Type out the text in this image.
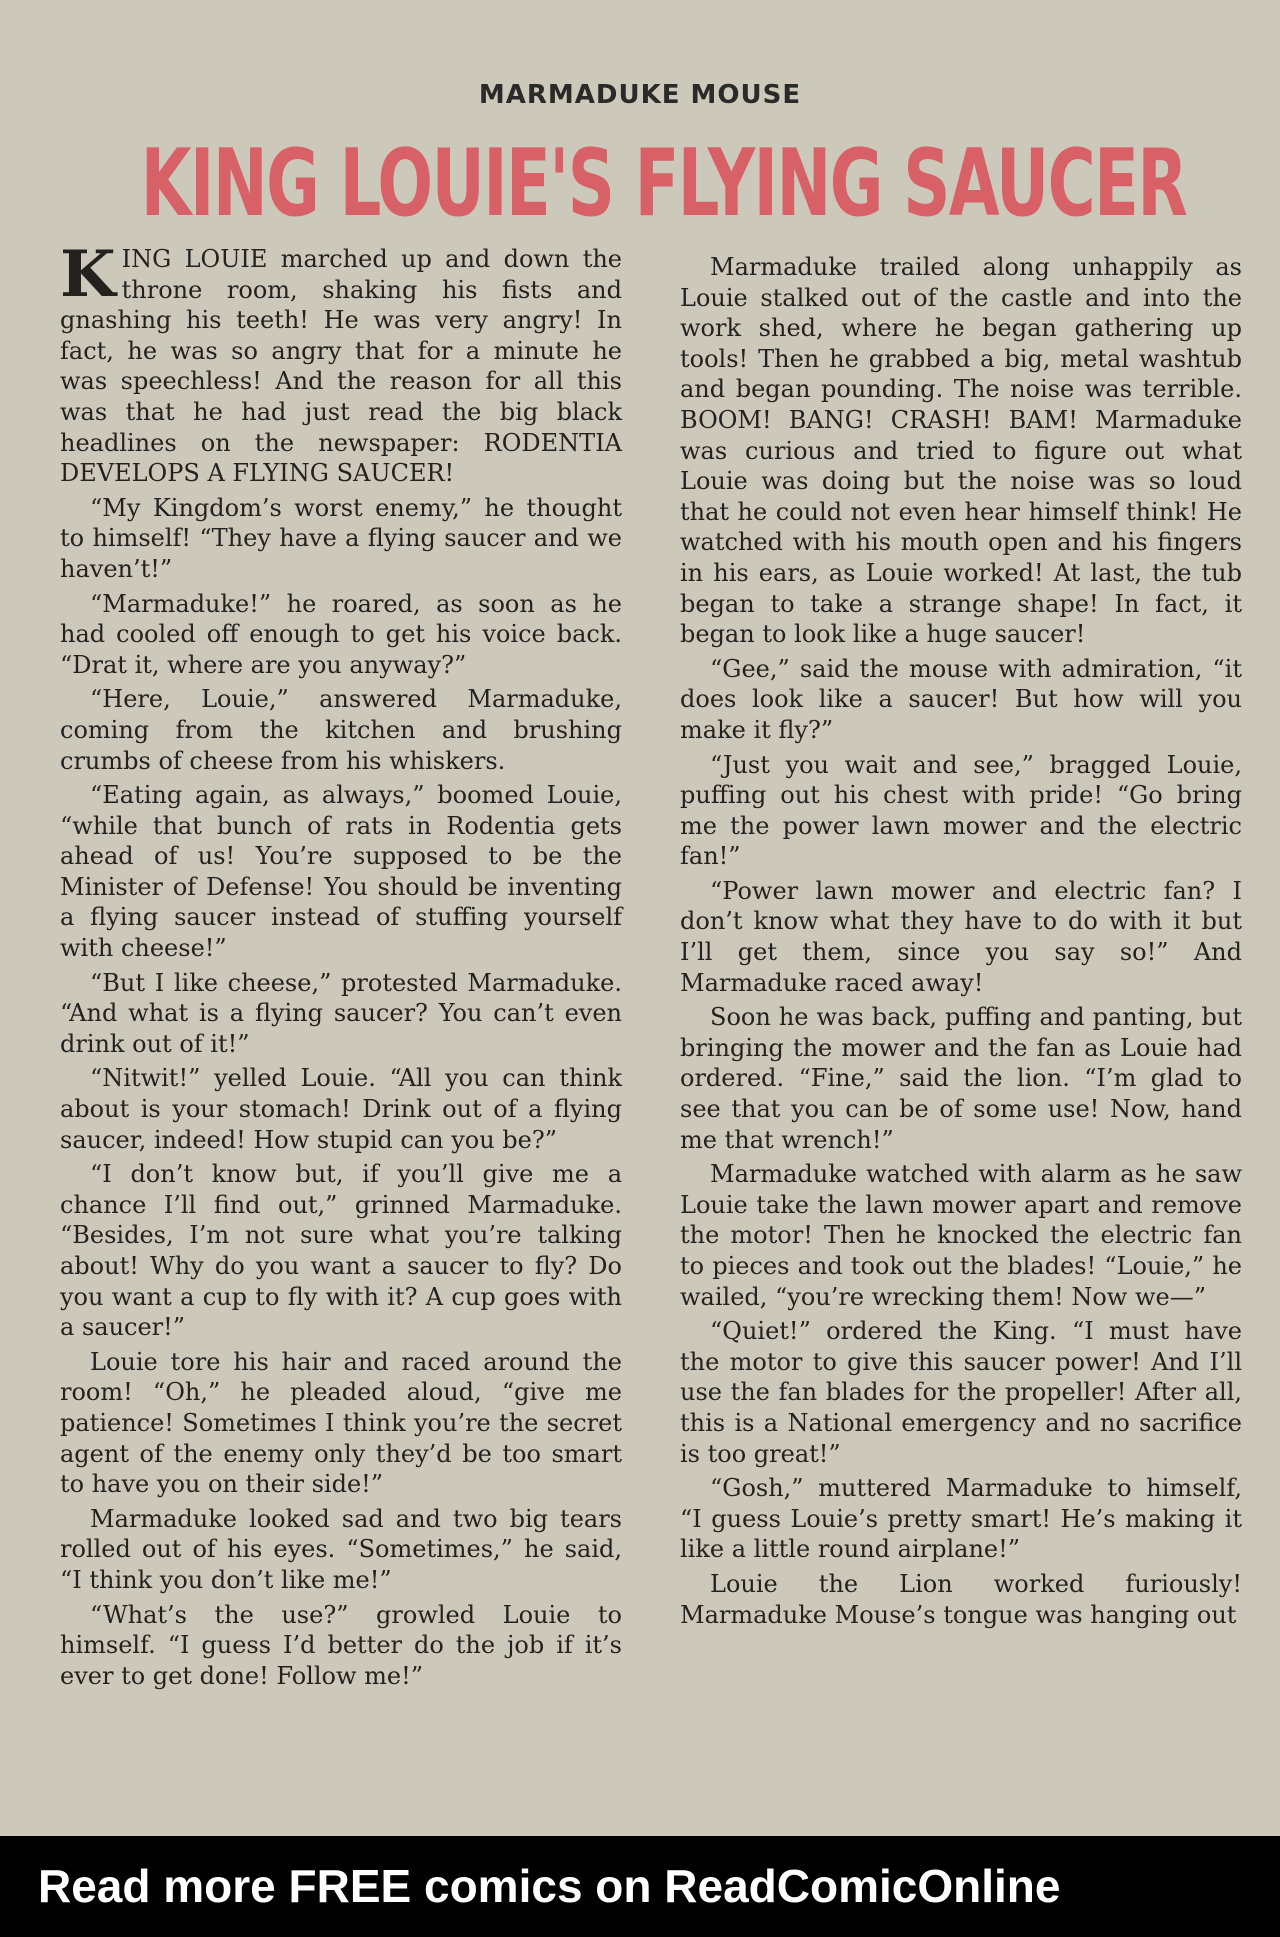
MARMADUKE MOUSE
KING LOUIE'S FLYING SAUCER

KING LOUIE marched up and down the throne room, shaking his fists and gnashing his teeth! He was very angry! In fact, he was so angry that for a minute he was speechless! And the reason for all this was that he had just read the big black headlines on the newspaper: RODENTIA DEVELOPS A FLYING SAUCER!

“My Kingdom’s worst enemy,” he thought to himself! “They have a flying saucer and we haven’t!”

“Marmaduke!” he roared, as soon as he had cooled off enough to get his voice back. “Drat it, where are you anyway?”

“Here, Louie,” answered Marmaduke, coming from the kitchen and brushing crumbs of cheese from his whiskers.

“Eating again, as always,” boomed Louie, “while that bunch of rats in Rodentia gets ahead of us! You’re supposed to be the Minister of Defense! You should be inventing a flying saucer instead of stuffing yourself with cheese!”

“But I like cheese,” protested Marmaduke. “And what is a flying saucer? You can’t even drink out of it!”

“Nitwit!” yelled Louie. “All you can think about is your stomach! Drink out of a flying saucer, indeed! How stupid can you be?”

“I don’t know but, if you’ll give me a chance I’ll find out,” grinned Marmaduke. “Besides, I’m not sure what you’re talking about! Why do you want a saucer to fly? Do you want a cup to fly with it? A cup goes with a saucer!”

Louie tore his hair and raced around the room! “Oh,” he pleaded aloud, “give me patience! Sometimes I think you’re the secret agent of the enemy only they’d be too smart to have you on their side!”

Marmaduke looked sad and two big tears rolled out of his eyes. “Sometimes,” he said, “I think you don’t like me!”

“What’s the use?” growled Louie to himself. “I guess I’d better do the job if it’s ever to get done! Follow me!”

Marmaduke trailed along unhappily as Louie stalked out of the castle and into the work shed, where he began gathering up tools! Then he grabbed a big, metal washtub and began pounding. The noise was terrible. BOOM! BANG! CRASH! BAM! Marmaduke was curious and tried to figure out what Louie was doing but the noise was so loud that he could not even hear himself think! He watched with his mouth open and his fingers in his ears, as Louie worked! At last, the tub began to take a strange shape! In fact, it began to look like a huge saucer!

“Gee,” said the mouse with admiration, “it does look like a saucer! But how will you make it fly?”

“Just you wait and see,” bragged Louie, puffing out his chest with pride! “Go bring me the power lawn mower and the electric fan!”

“Power lawn mower and electric fan? I don’t know what they have to do with it but I’ll get them, since you say so!” And Marmaduke raced away!

Soon he was back, puffing and panting, but bringing the mower and the fan as Louie had ordered. “Fine,” said the lion. “I’m glad to see that you can be of some use! Now, hand me that wrench!”

Marmaduke watched with alarm as he saw Louie take the lawn mower apart and remove the motor! Then he knocked the electric fan to pieces and took out the blades! “Louie,” he wailed, “you’re wrecking them! Now we—”

“Quiet!” ordered the King. “I must have the motor to give this saucer power! And I’ll use the fan blades for the propeller! After all, this is a National emergency and no sacrifice is too great!”

“Gosh,” muttered Marmaduke to himself, “I guess Louie’s pretty smart! He’s making it like a little round airplane!”

Louie the Lion worked furiously! Marmaduke Mouse’s tongue was hanging out

Read more FREE comics on ReadComicOnline
